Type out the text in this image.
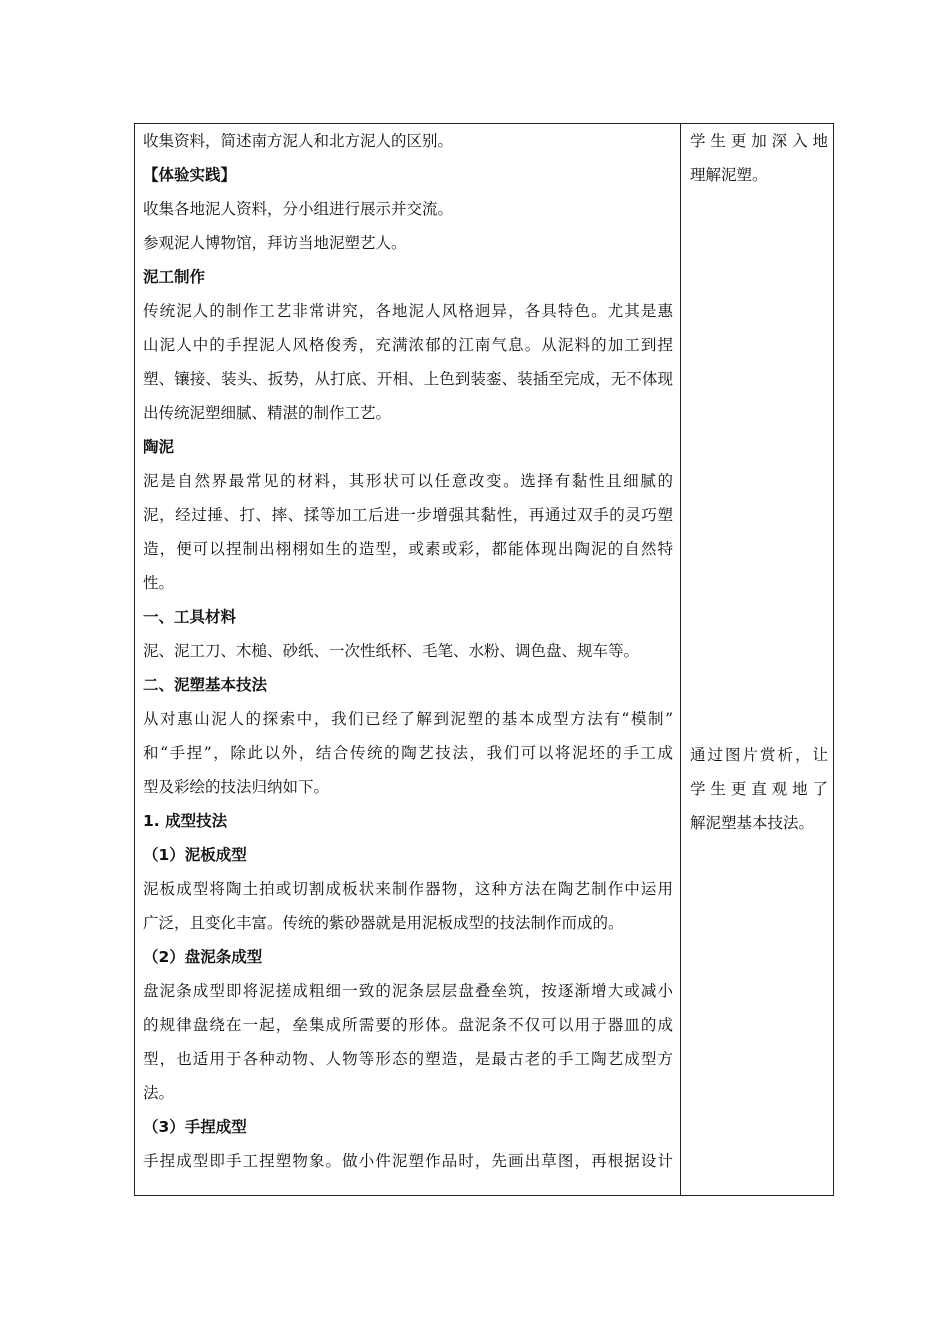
收集资料，简述南方泥人和北方泥人的区别。
【体验实践】
收集各地泥人资料，分小组进行展示并交流。
参观泥人博物馆，拜访当地泥塑艺人。
泥工制作
传统泥人的制作工艺非常讲究，各地泥人风格迥异，各具特色。尤其是惠
山泥人中的手捏泥人风格俊秀，充满浓郁的江南气息。从泥料的加工到捏
塑、镶接、装头、扳势，从打底、开相、上色到装銮、装插至完成，无不体现
出传统泥塑细腻、精湛的制作工艺。
陶泥
泥是自然界最常见的材料，其形状可以任意改变。选择有黏性且细腻的
泥，经过捶、打、摔、揉等加工后进一步增强其黏性，再通过双手的灵巧塑
造，便可以捏制出栩栩如生的造型，或素或彩，都能体现出陶泥的自然特
性。
一、工具材料
泥、泥工刀、木槌、砂纸、一次性纸杯、毛笔、水粉、调色盘、规车等。
二、泥塑基本技法
从对惠山泥人的探索中，我们已经了解到泥塑的基本成型方法有“模制”
和“手捏”，除此以外，结合传统的陶艺技法，我们可以将泥坯的手工成
型及彩绘的技法归纳如下。
1. 成型技法
（1）泥板成型
泥板成型将陶土拍或切割成板状来制作器物，这种方法在陶艺制作中运用
广泛，且变化丰富。传统的紫砂器就是用泥板成型的技法制作而成的。
（2）盘泥条成型
盘泥条成型即将泥搓成粗细一致的泥条层层盘叠垒筑，按逐渐增大或减小
的规律盘绕在一起，垒集成所需要的形体。盘泥条不仅可以用于器皿的成
型，也适用于各种动物、人物等形态的塑造，是最古老的手工陶艺成型方
法。
（3）手捏成型
手捏成型即手工捏塑物象。做小件泥塑作品时，先画出草图，再根据设计
学生更加深入地
理解泥塑。
通过图片赏析，让
学生更直观地了
解泥塑基本技法。
